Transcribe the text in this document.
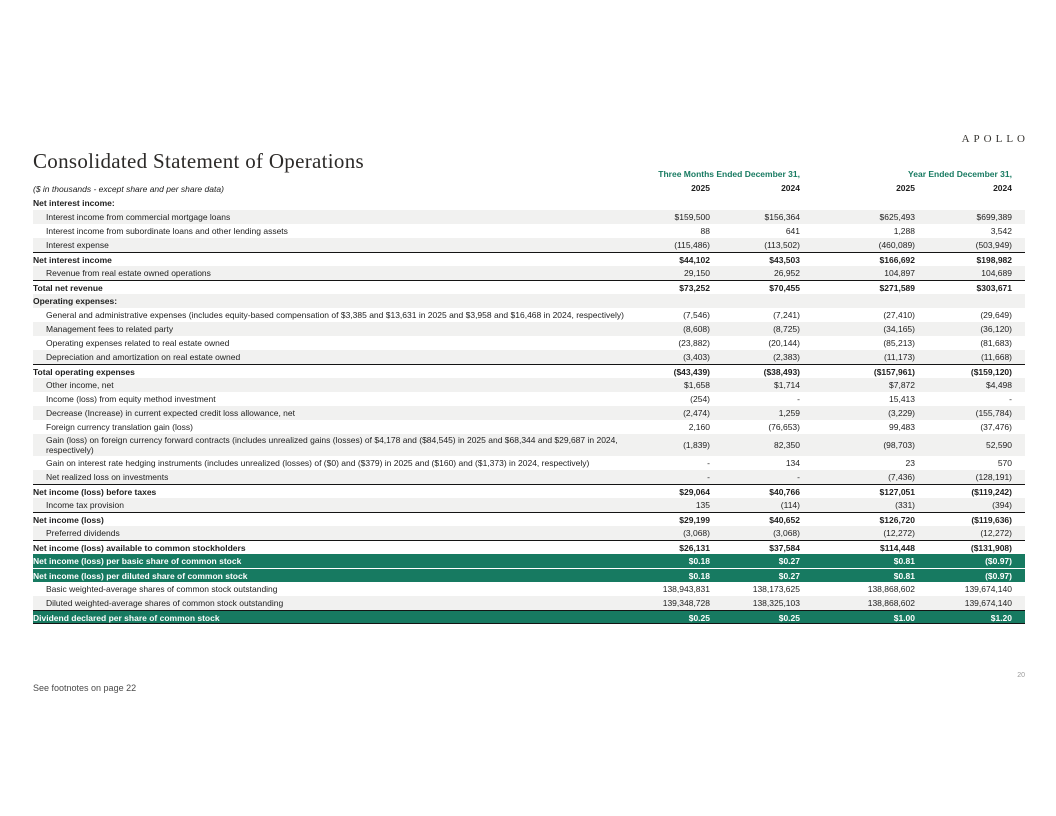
APOLLO
Consolidated Statement of Operations
($ in thousands - except share and per share data)
Three Months Ended December 31,	Year Ended December 31,
2025	2024	2025	2024
Net interest income:
Interest income from commercial mortgage loans	$159,500	$156,364	$625,493	$699,389
Interest income from subordinate loans and other lending assets	88	641	1,288	3,542
Interest expense	(115,486)	(113,502)	(460,089)	(503,949)
Net interest income	$44,102	$43,503	$166,692	$198,982
Revenue from real estate owned operations	29,150	26,952	104,897	104,689
Total net revenue	$73,252	$70,455	$271,589	$303,671
Operating expenses:
General and administrative expenses (includes equity-based compensation of $3,385 and $13,631 in 2025 and $3,958 and $16,468 in 2024, respectively)	(7,546)	(7,241)	(27,410)	(29,649)
Management fees to related party	(8,608)	(8,725)	(34,165)	(36,120)
Operating expenses related to real estate owned	(23,882)	(20,144)	(85,213)	(81,683)
Depreciation and amortization on real estate owned	(3,403)	(2,383)	(11,173)	(11,668)
Total operating expenses	($43,439)	($38,493)	($157,961)	($159,120)
Other income, net	$1,658	$1,714	$7,872	$4,498
Income (loss) from equity method investment	(254)	-	15,413	-
Decrease (Increase) in current expected credit loss allowance, net	(2,474)	1,259	(3,229)	(155,784)
Foreign currency translation gain (loss)	2,160	(76,653)	99,483	(37,476)
Gain (loss) on foreign currency forward contracts (includes unrealized gains (losses) of $4,178 and ($84,545) in 2025 and $68,344 and $29,687 in 2024, respectively)	(1,839)	82,350	(98,703)	52,590
Gain on interest rate hedging instruments (includes unrealized (losses) of ($0) and ($379) in 2025 and ($160) and ($1,373) in 2024, respectively)	-	134	23	570
Net realized loss on investments	-	-	(7,436)	(128,191)
Net income (loss) before taxes	$29,064	$40,766	$127,051	($119,242)
Income tax provision	135	(114)	(331)	(394)
Net income (loss)	$29,199	$40,652	$126,720	($119,636)
Preferred dividends	(3,068)	(3,068)	(12,272)	(12,272)
Net income (loss) available to common stockholders	$26,131	$37,584	$114,448	($131,908)
Net income (loss) per basic share of common stock	$0.18	$0.27	$0.81	($0.97)
Net income (loss) per diluted share of common stock	$0.18	$0.27	$0.81	($0.97)
Basic weighted-average shares of common stock outstanding	138,943,831	138,173,625	138,868,602	139,674,140
Diluted weighted-average shares of common stock outstanding	139,348,728	138,325,103	138,868,602	139,674,140
Dividend declared per share of common stock	$0.25	$0.25	$1.00	$1.20
See footnotes on page 22
20
